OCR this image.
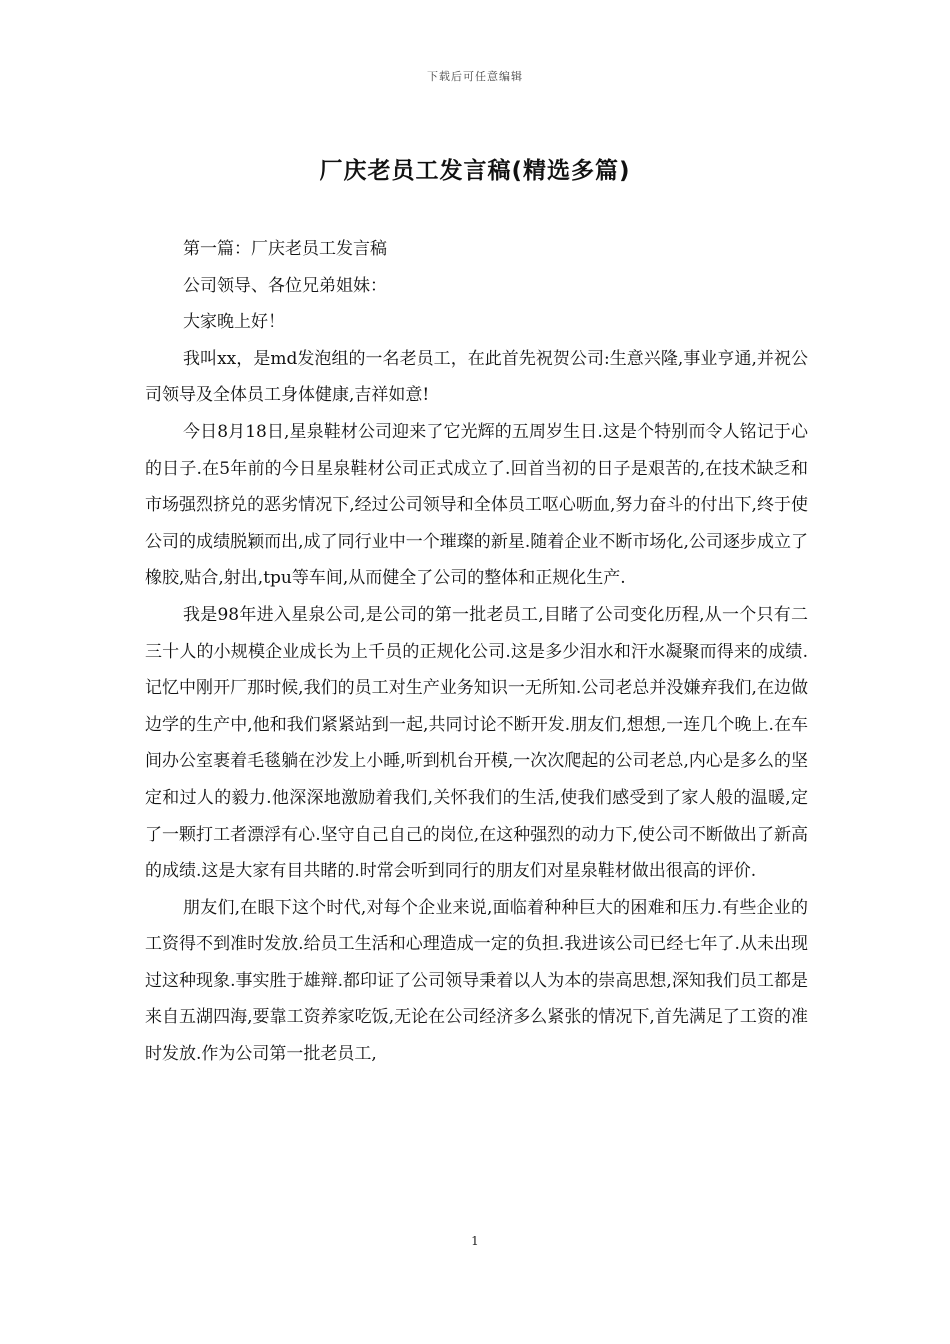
下载后可任意编辑
厂庆老员工发言稿(精选多篇)

第一篇：厂庆老员工发言稿

公司领导、各位兄弟姐妹：

大家晚上好！

我叫xx，是md发泡组的一名老员工，在此首先祝贺公司:生意兴隆,事业亨通,并祝公司领导及全体员工身体健康,吉祥如意!

今日8月18日,星泉鞋材公司迎来了它光辉的五周岁生日.这是个特别而令人铭记于心的日子.在5年前的今日星泉鞋材公司正式成立了.回首当初的日子是艰苦的,在技术缺乏和市场强烈挤兑的恶劣情况下,经过公司领导和全体员工呕心呖血,努力奋斗的付出下,终于使公司的成绩脱颖而出,成了同行业中一个璀璨的新星.随着企业不断市场化,公司逐步成立了橡胶,贴合,射出,tpu等车间,从而健全了公司的整体和正规化生产.

我是98年进入星泉公司,是公司的第一批老员工,目睹了公司变化历程,从一个只有二三十人的小规模企业成长为上千员的正规化公司.这是多少泪水和汗水凝聚而得来的成绩.记忆中刚开厂那时候,我们的员工对生产业务知识一无所知.公司老总并没嫌弃我们,在边做边学的生产中,他和我们紧紧站到一起,共同讨论不断开发.朋友们,想想,一连几个晚上.在车间办公室裹着毛毯躺在沙发上小睡,听到机台开模,一次次爬起的公司老总,内心是多么的坚定和过人的毅力.他深深地激励着我们,关怀我们的生活,使我们感受到了家人般的温暖,定了一颗打工者漂浮有心.坚守自己自己的岗位,在这种强烈的动力下,使公司不断做出了新高的成绩.这是大家有目共睹的.时常会听到同行的朋友们对星泉鞋材做出很高的评价.

朋友们,在眼下这个时代,对每个企业来说,面临着种种巨大的困难和压力.有些企业的工资得不到准时发放.给员工生活和心理造成一定的负担.我进该公司已经七年了.从未出现过这种现象.事实胜于雄辩.都印证了公司领导秉着以人为本的崇高思想,深知我们员工都是来自五湖四海,要靠工资养家吃饭,无论在公司经济多么紧张的情况下,首先满足了工资的准时发放.作为公司第一批老员工,

1
